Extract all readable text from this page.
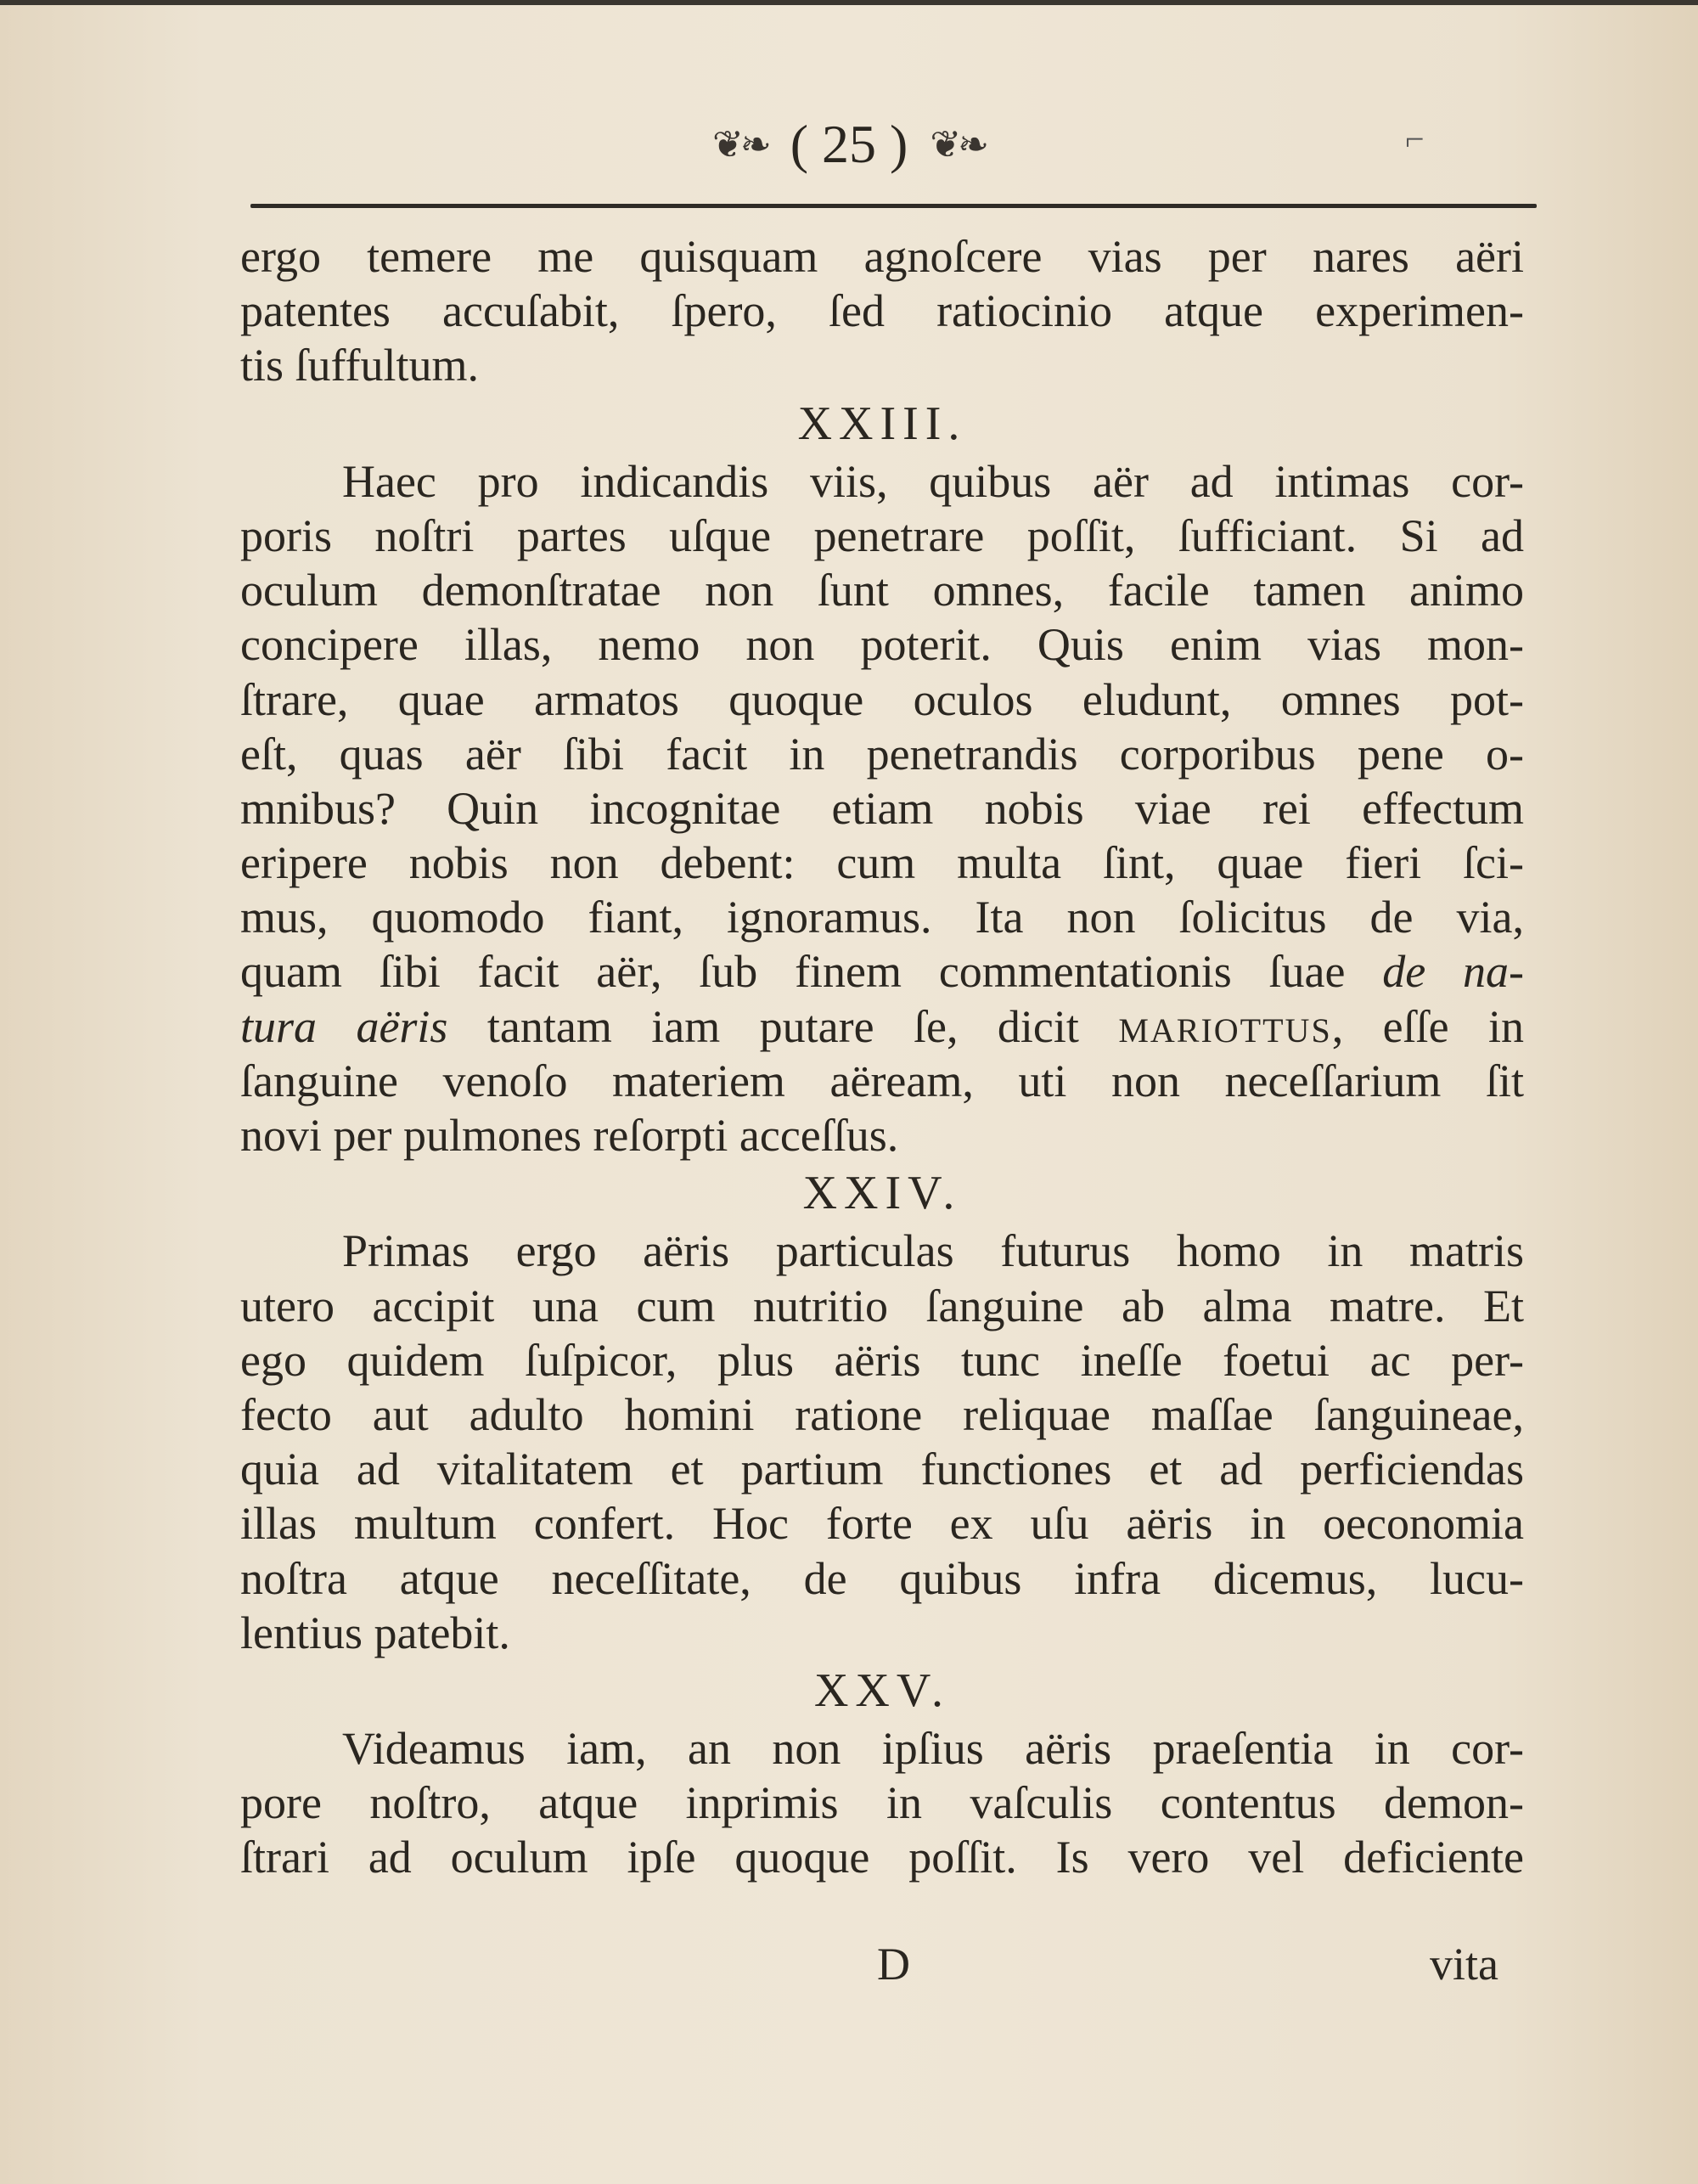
❦❧ ( 25 ) ❦❧	⌐
ergo temere me quisquam agnoſcere vias per nares aëri
patentes accuſabit, ſpero, ſed ratiocinio atque experimen-
tis ſuffultum.
XXIII.
Haec pro indicandis viis, quibus aër ad intimas cor-
poris noſtri partes uſque penetrare poſſit, ſufficiant. Si ad
oculum demonſtratae non ſunt omnes, facile tamen animo
concipere illas, nemo non poterit. Quis enim vias mon-
ſtrare, quae armatos quoque oculos eludunt, omnes pot-
eſt, quas aër ſibi facit in penetrandis corporibus pene o-
mnibus? Quin incognitae etiam nobis viae rei effectum
eripere nobis non debent: cum multa ſint, quae fieri ſci-
mus, quomodo fiant, ignoramus. Ita non ſolicitus de via,
quam ſibi facit aër, ſub finem commentationis ſuae de na-
tura aëris tantam iam putare ſe, dicit MARIOTTUS, eſſe in
ſanguine venoſo materiem aëream, uti non neceſſarium ſit
novi per pulmones reſorpti acceſſus.
XXIV.
Primas ergo aëris particulas futurus homo in matris
utero accipit una cum nutritio ſanguine ab alma matre. Et
ego quidem ſuſpicor, plus aëris tunc ineſſe foetui ac per-
fecto aut adulto homini ratione reliquae maſſae ſanguineae,
quia ad vitalitatem et partium functiones et ad perficiendas
illas multum confert. Hoc forte ex uſu aëris in oeconomia
noſtra atque neceſſitate, de quibus infra dicemus, lucu-
lentius patebit.
XXV.
Videamus iam, an non ipſius aëris praeſentia in cor-
pore noſtro, atque inprimis in vaſculis contentus demon-
ſtrari ad oculum ipſe quoque poſſit. Is vero vel deficiente
D	vita
